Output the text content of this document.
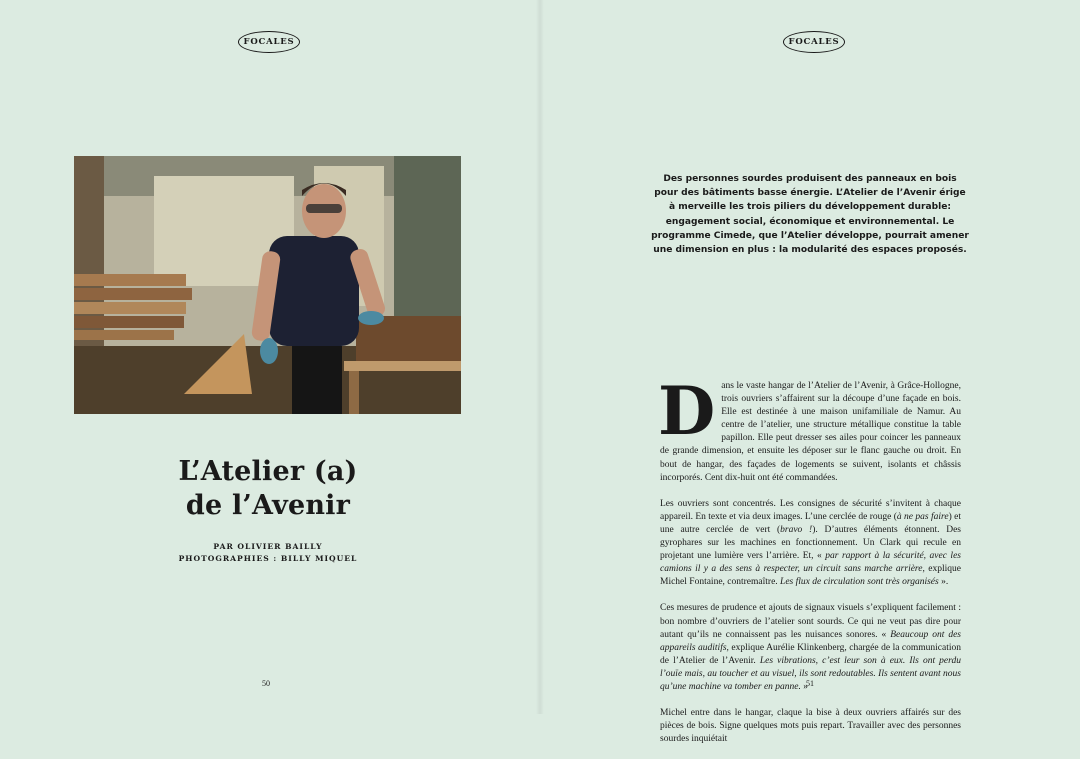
FOCALES
L’Atelier (a)
de l’Avenir
PAR OLIVIER BAILLY
PHOTOGRAPHIES : BILLY MIQUEL
50
FOCALES
Des personnes sourdes produisent des panneaux en bois pour des bâtiments basse énergie. L’Atelier de l’Avenir érige à merveille les trois piliers du développement durable: engagement social, économique et environnemental. Le programme Cimede, que l’Atelier développe, pourrait amener une dimension en plus : la modularité des espaces proposés.

Dans le vaste hangar de l’Atelier de l’Avenir, à Grâce-Hollogne, trois ouvriers s’affairent sur la découpe d’une façade en bois. Elle est destinée à une maison unifamiliale de Namur. Au centre de l’atelier, une structure métallique constitue la table papillon. Elle peut dresser ses ailes pour coincer les panneaux de grande dimension, et ensuite les déposer sur le flanc gauche ou droit. En bout de hangar, des façades de logements se suivent, isolants et châssis incorporés. Cent dix-huit ont été commandées.

Les ouvriers sont concentrés. Les consignes de sécurité s’invitent à chaque appareil. En texte et via deux images. L’une cerclée de rouge (à ne pas faire) et une autre cerclée de vert (bravo !). D’autres éléments étonnent. Des gyrophares sur les machines en fonctionnement. Un Clark qui recule en projetant une lumière vers l’arrière. Et, « par rapport à la sécurité, avec les camions il y a des sens à respecter, un circuit sans marche arrière, explique Michel Fontaine, contremaître. Les flux de circulation sont très organisés ».

Ces mesures de prudence et ajouts de signaux visuels s’expliquent facilement : bon nombre d’ouvriers de l’atelier sont sourds. Ce qui ne veut pas dire pour autant qu’ils ne connaissent pas les nuisances sonores. « Beaucoup ont des appareils auditifs, explique Aurélie Klinkenberg, chargée de la communication de l’Atelier de l’Avenir. Les vibrations, c’est leur son à eux. Ils ont perdu l’ouïe mais, au toucher et au visuel, ils sont redoutables. Ils sentent avant nous qu’une machine va tomber en panne. »

Michel entre dans le hangar, claque la bise à deux ouvriers affairés sur des pièces de bois. Signe quelques mots puis repart. Travailler avec des personnes sourdes inquiétait

51
